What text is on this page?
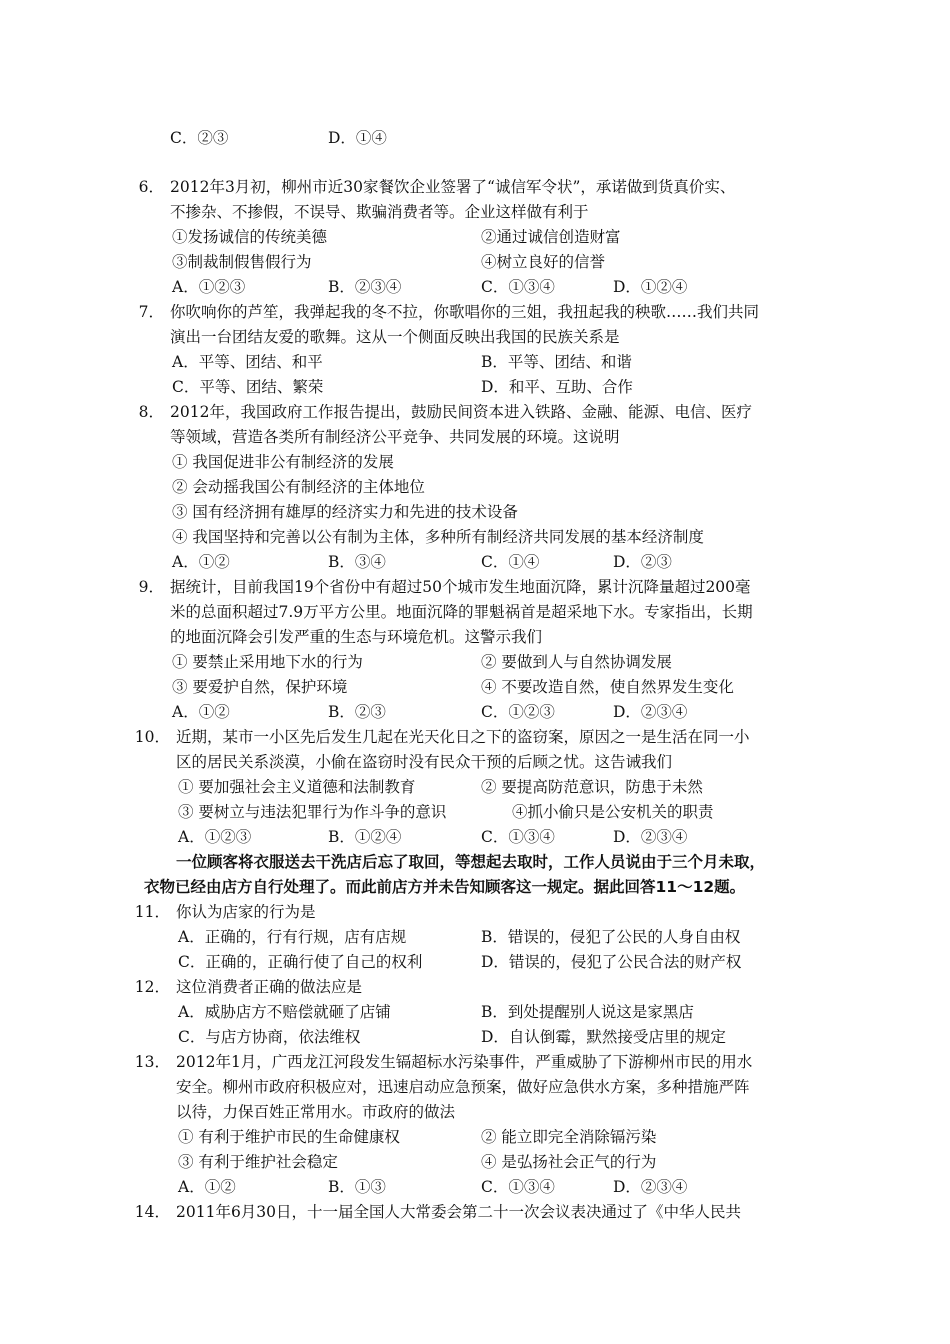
C．②③	D．①④
6． 2012年3月初，柳州市近30家餐饮企业签署了“诚信军令状”，承诺做到货真价实、
不掺杂、不掺假，不误导、欺骗消费者等。企业这样做有利于
①发扬诚信的传统美德	②通过诚信创造财富
③制裁制假售假行为	④树立良好的信誉
A．①②③	B．②③④	C．①③④	D．①②④
7． 你吹响你的芦笙，我弹起我的冬不拉，你歌唱你的三姐，我扭起我的秧歌……我们共同
演出一台团结友爱的歌舞。这从一个侧面反映出我国的民族关系是
A．平等、团结、和平	B．平等、团结、和谐
C．平等、团结、繁荣	D．和平、互助、合作
8． 2012年，我国政府工作报告提出，鼓励民间资本进入铁路、金融、能源、电信、医疗
等领域，营造各类所有制经济公平竞争、共同发展的环境。这说明
① 我国促进非公有制经济的发展
② 会动摇我国公有制经济的主体地位
③ 国有经济拥有雄厚的经济实力和先进的技术设备
④ 我国坚持和完善以公有制为主体，多种所有制经济共同发展的基本经济制度
A．①②	B．③④	C．①④	D．②③
9． 据统计，目前我国19个省份中有超过50个城市发生地面沉降，累计沉降量超过200毫
米的总面积超过7.9万平方公里。地面沉降的罪魁祸首是超采地下水。专家指出，长期
的地面沉降会引发严重的生态与环境危机。这警示我们
① 要禁止采用地下水的行为	② 要做到人与自然协调发展
③ 要爱护自然，保护环境	④ 不要改造自然，使自然界发生变化
A．①②	B．②③	C．①②③	D．②③④
10． 近期，某市一小区先后发生几起在光天化日之下的盗窃案，原因之一是生活在同一小
区的居民关系淡漠，小偷在盗窃时没有民众干预的后顾之忧。这告诫我们
① 要加强社会主义道德和法制教育	② 要提高防范意识，防患于未然
③ 要树立与违法犯罪行为作斗争的意识	④抓小偷只是公安机关的职责
A．①②③	B．①②④	C．①③④	D．②③④
一位顾客将衣服送去干洗店后忘了取回，等想起去取时，工作人员说由于三个月未取，
衣物已经由店方自行处理了。而此前店方并未告知顾客这一规定。据此回答11～12题。
11． 你认为店家的行为是
A．正确的，行有行规，店有店规	B．错误的，侵犯了公民的人身自由权
C．正确的，正确行使了自己的权利	D．错误的，侵犯了公民合法的财产权
12． 这位消费者正确的做法应是
A．威胁店方不赔偿就砸了店铺	B．到处提醒别人说这是家黑店
C．与店方协商，依法维权	D．自认倒霉，默然接受店里的规定
13． 2012年1月，广西龙江河段发生镉超标水污染事件，严重威胁了下游柳州市民的用水
安全。柳州市政府积极应对，迅速启动应急预案，做好应急供水方案，多种措施严阵
以待，力保百姓正常用水。市政府的做法
① 有利于维护市民的生命健康权	② 能立即完全消除镉污染
③ 有利于维护社会稳定	④ 是弘扬社会正气的行为
A．①②	B．①③	C．①③④	D．②③④
14． 2011年6月30日，十一届全国人大常委会第二十一次会议表决通过了《中华人民共
